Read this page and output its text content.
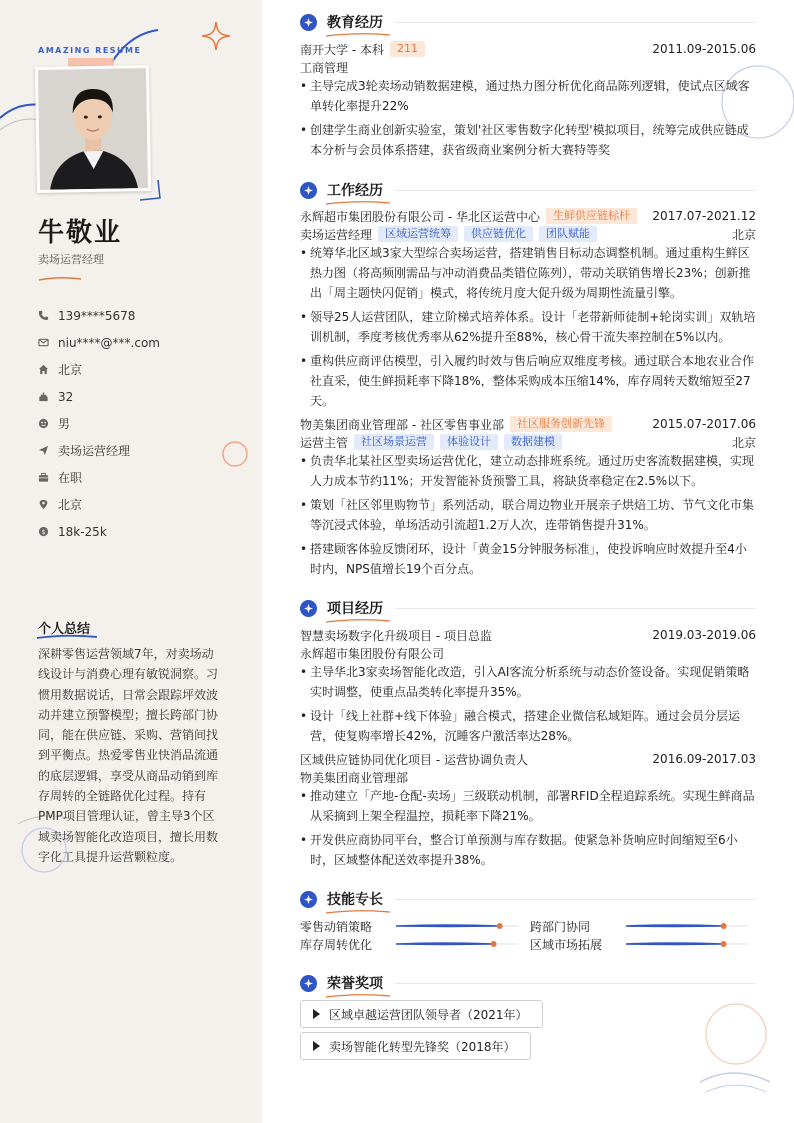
AMAZING RESUME
牛敬业
卖场运营经理
139****5678
niu****@***.com
北京
32
男
卖场运营经理
在职
北京
$ 18k-25k
个人总结
深耕零售运营领域7年，对卖场动线设计与消费心理有敏锐洞察。习惯用数据说话，日常会跟踪坪效波动并建立预警模型；擅长跨部门协同，能在供应链、采购、营销间找到平衡点。热爱零售业快消品流通的底层逻辑，享受从商品动销到库存周转的全链路优化过程。持有PMP项目管理认证，曾主导3个区域卖场智能化改造项目，擅长用数字化工具提升运营颗粒度。
教育经历
南开大学 - 本科	211	2011.09-2015.06
工商管理
• 主导完成3轮卖场动销数据建模，通过热力图分析优化商品陈列逻辑，使试点区域客单转化率提升22%
• 创建学生商业创新实验室，策划'社区零售数字化转型'模拟项目，统筹完成供应链成本分析与会员体系搭建，获省级商业案例分析大赛特等奖
工作经历
永辉超市集团股份有限公司 - 华北区运营中心	生鲜供应链标杆	2017.07-2021.12
卖场运营经理	区域运营统筹	供应链优化	团队赋能	北京
• 统筹华北区域3家大型综合卖场运营，搭建销售目标动态调整机制。通过重构生鲜区热力图（将高频刚需品与冲动消费品类错位陈列），带动关联销售增长23%；创新推出「周主题快闪促销」模式，将传统月度大促升级为周期性流量引擎。
• 领导25人运营团队，建立阶梯式培养体系。设计「老带新师徒制+轮岗实训」双轨培训机制，季度考核优秀率从62%提升至88%，核心骨干流失率控制在5%以内。
• 重构供应商评估模型，引入履约时效与售后响应双维度考核。通过联合本地农业合作社直采，使生鲜损耗率下降18%，整体采购成本压缩14%，库存周转天数缩短至27天。
物美集团商业管理部 - 社区零售事业部	社区服务创新先锋	2015.07-2017.06
运营主管	社区场景运营	体验设计	数据建模	北京
• 负责华北某社区型卖场运营优化，建立动态排班系统。通过历史客流数据建模，实现人力成本节约11%；开发智能补货预警工具，将缺货率稳定在2.5%以下。
• 策划「社区邻里购物节」系列活动，联合周边物业开展亲子烘焙工坊、节气文化市集等沉浸式体验，单场活动引流超1.2万人次，连带销售提升31%。
• 搭建顾客体验反馈闭环，设计「黄金15分钟服务标准」，使投诉响应时效提升至4小时内，NPS值增长19个百分点。
项目经历
智慧卖场数字化升级项目 - 项目总监	2019.03-2019.06
永辉超市集团股份有限公司
• 主导华北3家卖场智能化改造，引入AI客流分析系统与动态价签设备。实现促销策略实时调整，使重点品类转化率提升35%。
• 设计「线上社群+线下体验」融合模式，搭建企业微信私域矩阵。通过会员分层运营，使复购率增长42%，沉睡客户激活率达28%。
区域供应链协同优化项目 - 运营协调负责人	2016.09-2017.03
物美集团商业管理部
• 推动建立「产地-仓配-卖场」三级联动机制，部署RFID全程追踪系统。实现生鲜商品从采摘到上架全程温控，损耗率下降21%。
• 开发供应商协同平台，整合订单预测与库存数据。使紧急补货响应时间缩短至6小时，区域整体配送效率提升38%。
技能专长
零售动销策略	跨部门协同
库存周转优化	区域市场拓展
荣誉奖项
区域卓越运营团队领导者（2021年）
卖场智能化转型先锋奖（2018年）
